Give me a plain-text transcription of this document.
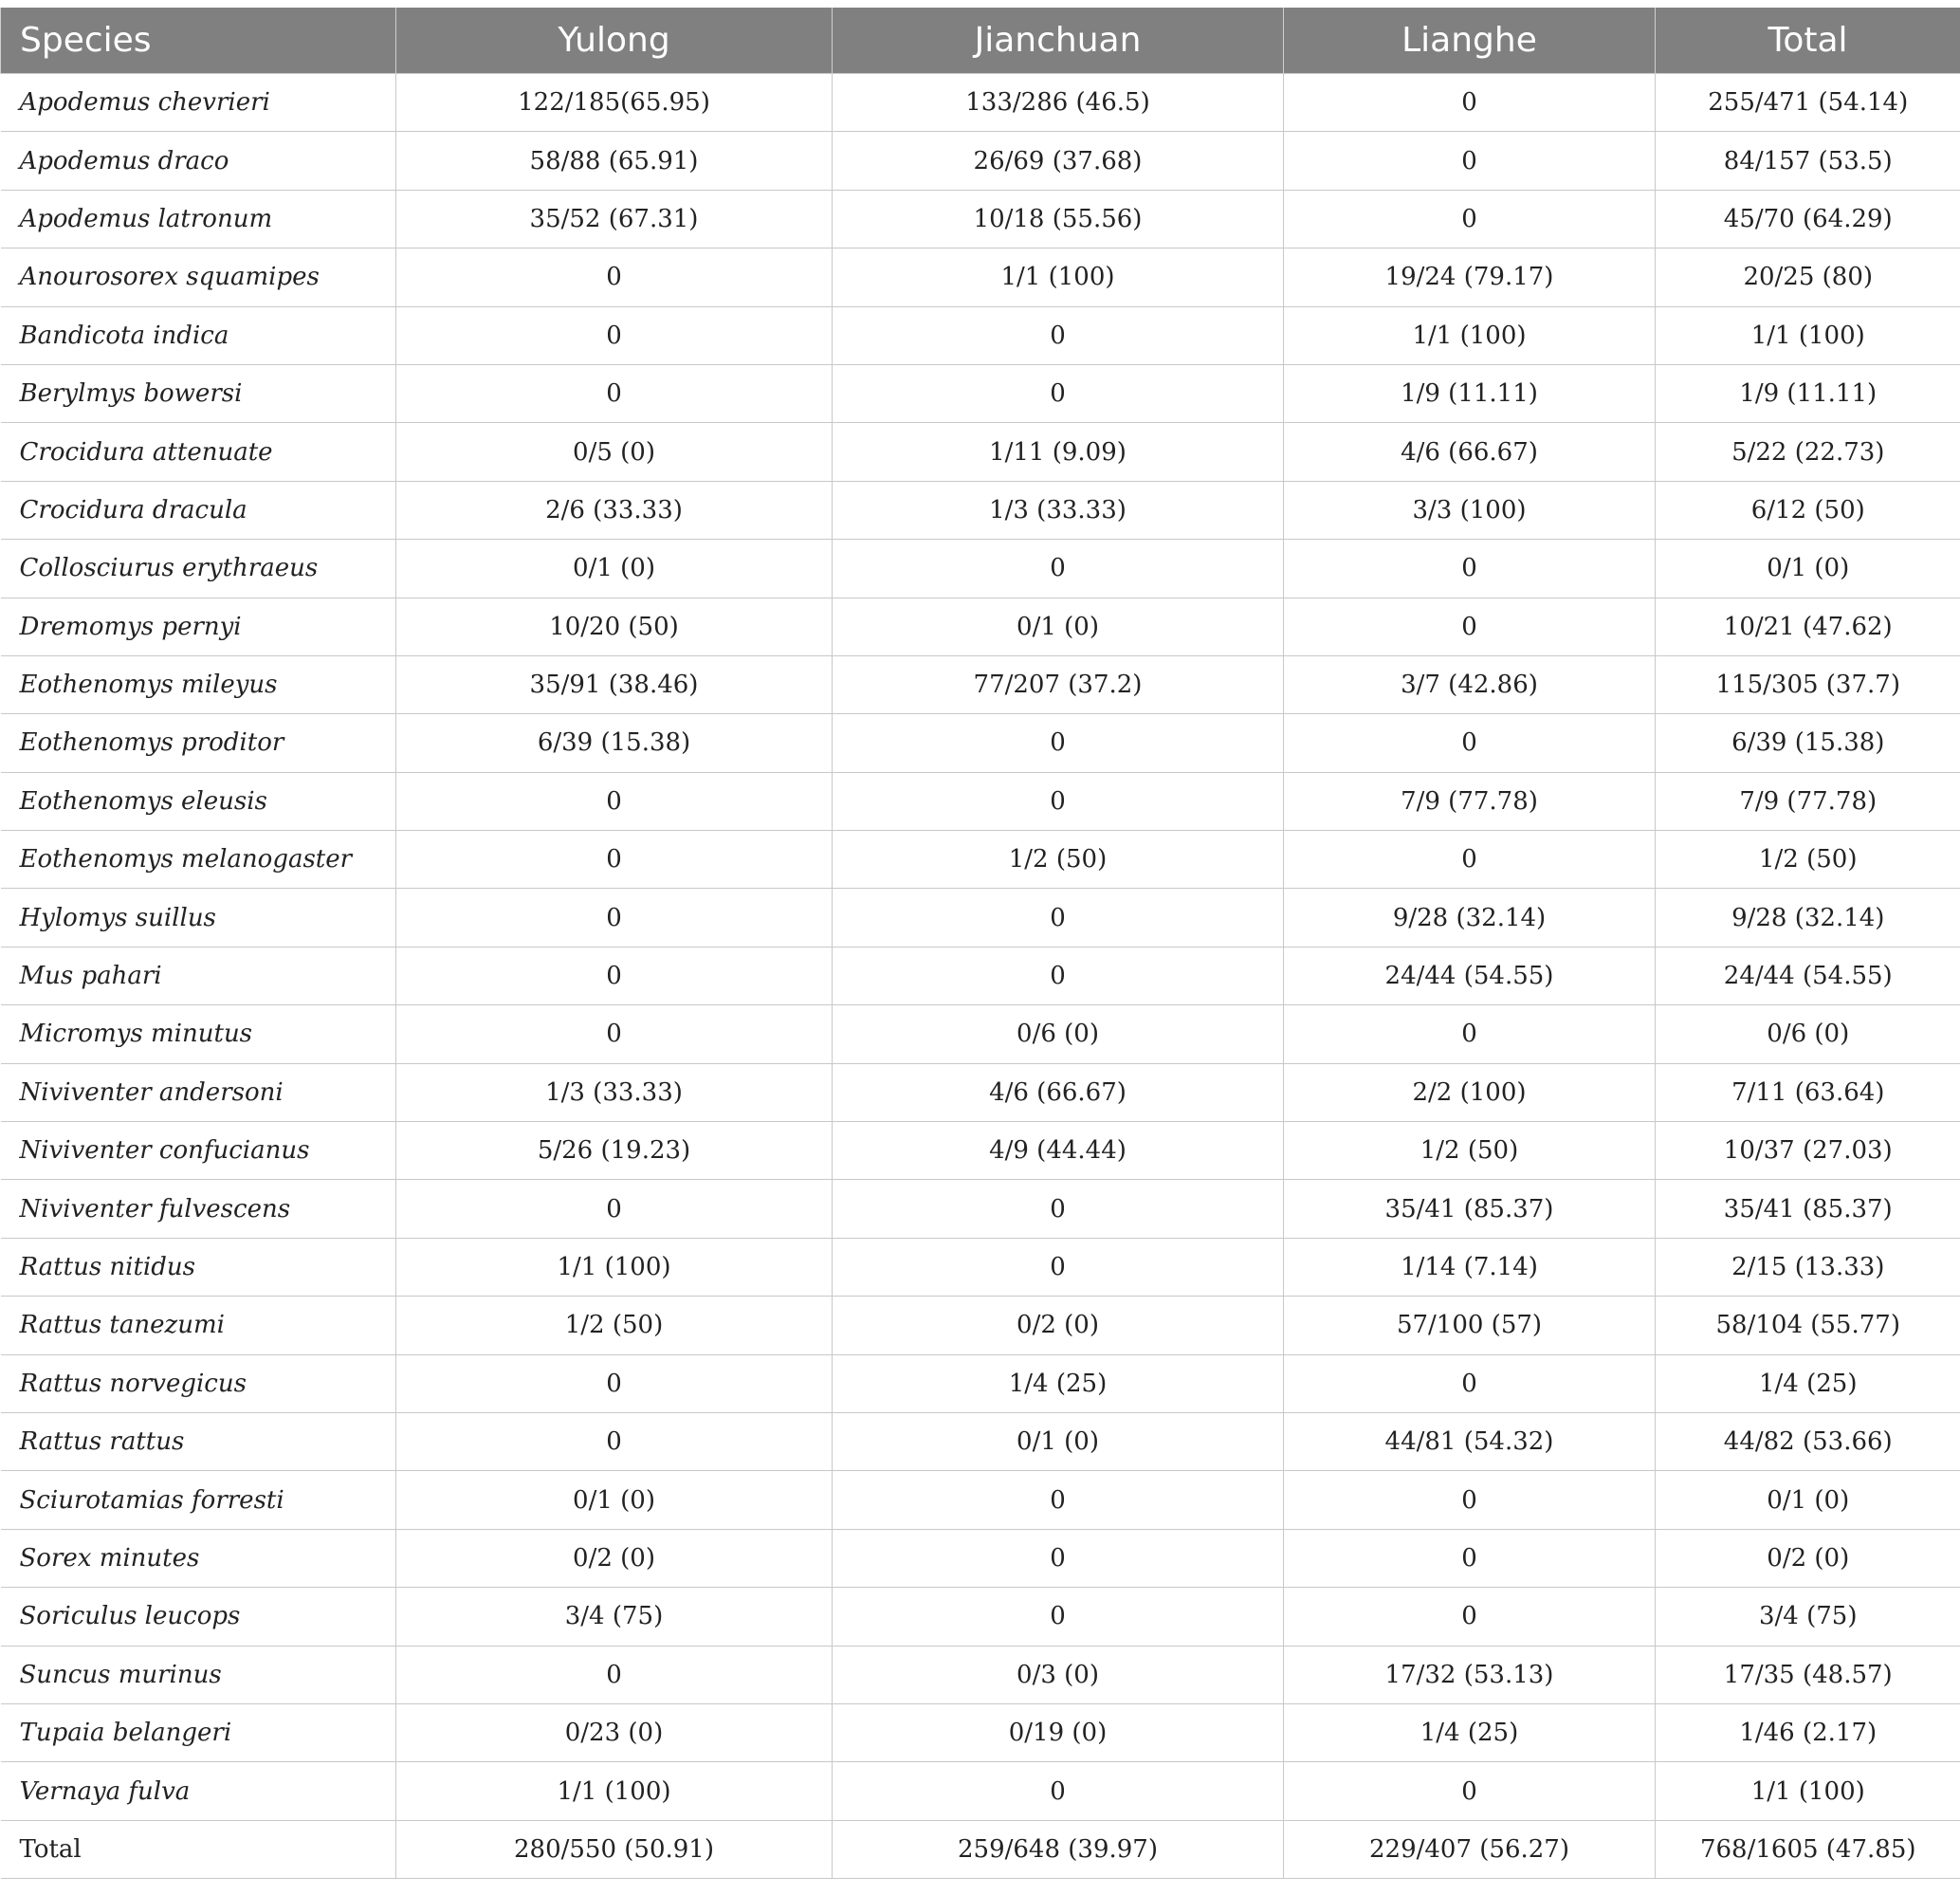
Species	Yulong	Jianchuan	Lianghe	Total
Apodemus chevrieri	122/185(65.95)	133/286 (46.5)	0	255/471 (54.14)
Apodemus draco	58/88 (65.91)	26/69 (37.68)	0	84/157 (53.5)
Apodemus latronum	35/52 (67.31)	10/18 (55.56)	0	45/70 (64.29)
Anourosorex squamipes	0	1/1 (100)	19/24 (79.17)	20/25 (80)
Bandicota indica	0	0	1/1 (100)	1/1 (100)
Berylmys bowersi	0	0	1/9 (11.11)	1/9 (11.11)
Crocidura attenuate	0/5 (0)	1/11 (9.09)	4/6 (66.67)	5/22 (22.73)
Crocidura dracula	2/6 (33.33)	1/3 (33.33)	3/3 (100)	6/12 (50)
Collosciurus erythraeus	0/1 (0)	0	0	0/1 (0)
Dremomys pernyi	10/20 (50)	0/1 (0)	0	10/21 (47.62)
Eothenomys mileyus	35/91 (38.46)	77/207 (37.2)	3/7 (42.86)	115/305 (37.7)
Eothenomys proditor	6/39 (15.38)	0	0	6/39 (15.38)
Eothenomys eleusis	0	0	7/9 (77.78)	7/9 (77.78)
Eothenomys melanogaster	0	1/2 (50)	0	1/2 (50)
Hylomys suillus	0	0	9/28 (32.14)	9/28 (32.14)
Mus pahari	0	0	24/44 (54.55)	24/44 (54.55)
Micromys minutus	0	0/6 (0)	0	0/6 (0)
Niviventer andersoni	1/3 (33.33)	4/6 (66.67)	2/2 (100)	7/11 (63.64)
Niviventer confucianus	5/26 (19.23)	4/9 (44.44)	1/2 (50)	10/37 (27.03)
Niviventer fulvescens	0	0	35/41 (85.37)	35/41 (85.37)
Rattus nitidus	1/1 (100)	0	1/14 (7.14)	2/15 (13.33)
Rattus tanezumi	1/2 (50)	0/2 (0)	57/100 (57)	58/104 (55.77)
Rattus norvegicus	0	1/4 (25)	0	1/4 (25)
Rattus rattus	0	0/1 (0)	44/81 (54.32)	44/82 (53.66)
Sciurotamias forresti	0/1 (0)	0	0	0/1 (0)
Sorex minutes	0/2 (0)	0	0	0/2 (0)
Soriculus leucops	3/4 (75)	0	0	3/4 (75)
Suncus murinus	0	0/3 (0)	17/32 (53.13)	17/35 (48.57)
Tupaia belangeri	0/23 (0)	0/19 (0)	1/4 (25)	1/46 (2.17)
Vernaya fulva	1/1 (100)	0	0	1/1 (100)
Total	280/550 (50.91)	259/648 (39.97)	229/407 (56.27)	768/1605 (47.85)
